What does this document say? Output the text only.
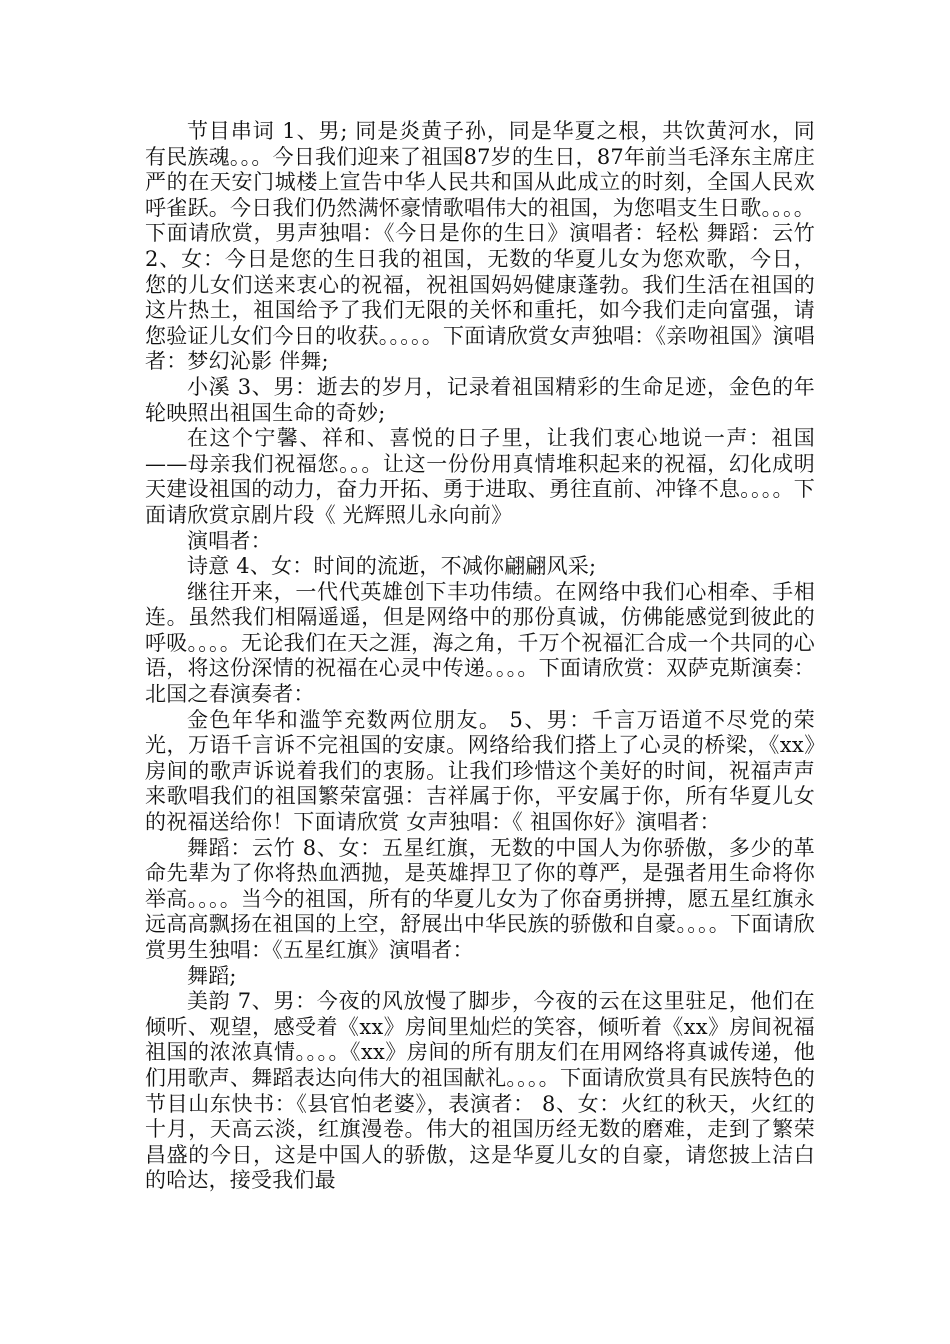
节目串词 1、男; 同是炎黄子孙，同是华夏之根，共饮黄河水，同有民族魂。。。今日我们迎来了祖国87岁的生日，87年前当毛泽东主席庄严的在天安门城楼上宣告中华人民共和国从此成立的时刻，全国人民欢呼雀跃。今日我们仍然满怀豪情歌唱伟大的祖国，为您唱支生日歌。。。。下面请欣赏，男声独唱：《今日是你的生日》演唱者：轻松 舞蹈：云竹 2、女：今日是您的生日我的祖国，无数的华夏儿女为您欢歌，今日，您的儿女们送来衷心的祝福，祝祖国妈妈健康蓬勃。我们生活在祖国的这片热土，祖国给予了我们无限的关怀和重托，如今我们走向富强，请您验证儿女们今日的收获。。。。。下面请欣赏女声独唱：《亲吻祖国》演唱者：梦幻沁影 伴舞;

小溪 3、男：逝去的岁月，记录着祖国精彩的生命足迹，金色的年轮映照出祖国生命的奇妙;

在这个宁馨、祥和、喜悦的日子里，让我们衷心地说一声：祖国——母亲我们祝福您。。。让这一份份用真情堆积起来的祝福，幻化成明天建设祖国的动力，奋力开拓、勇于进取、勇往直前、冲锋不息。。。。下面请欣赏京剧片段《 光辉照儿永向前》

演唱者：

诗意 4、女：时间的流逝，不减你翩翩风采;

继往开来，一代代英雄创下丰功伟绩。在网络中我们心相牵、手相连。虽然我们相隔遥遥，但是网络中的那份真诚，仿佛能感觉到彼此的呼吸。。。。无论我们在天之涯，海之角，千万个祝福汇合成一个共同的心语，将这份深情的祝福在心灵中传递。。。。下面请欣赏：双萨克斯演奏：北国之春演奏者：

金色年华和滥竽充数两位朋友。 5、男：千言万语道不尽党的荣光，万语千言诉不完祖国的安康。网络给我们搭上了心灵的桥梁，《xx》房间的歌声诉说着我们的衷肠。让我们珍惜这个美好的时间，祝福声声来歌唱我们的祖国繁荣富强：吉祥属于你，平安属于你，所有华夏儿女的祝福送给你！下面请欣赏 女声独唱：《 祖国你好》演唱者：

舞蹈：云竹 8、女：五星红旗，无数的中国人为你骄傲，多少的革命先辈为了你将热血洒抛，是英雄捍卫了你的尊严，是强者用生命将你举高。。。。当今的祖国，所有的华夏儿女为了你奋勇拼搏，愿五星红旗永远高高飘扬在祖国的上空，舒展出中华民族的骄傲和自豪。。。。下面请欣赏男生独唱：《五星红旗》演唱者：

舞蹈;

美韵 7、男：今夜的风放慢了脚步，今夜的云在这里驻足，他们在倾听、观望，感受着《xx》房间里灿烂的笑容，倾听着《xx》房间祝福祖国的浓浓真情。。。。《xx》房间的所有朋友们在用网络将真诚传递，他们用歌声、舞蹈表达向伟大的祖国献礼。。。。下面请欣赏具有民族特色的节目山东快书：《县官怕老婆》，表演者： 8、女：火红的秋天，火红的十月，天高云淡，红旗漫卷。伟大的祖国历经无数的磨难，走到了繁荣昌盛的今日，这是中国人的骄傲，这是华夏儿女的自豪，请您披上洁白的哈达，接受我们最
